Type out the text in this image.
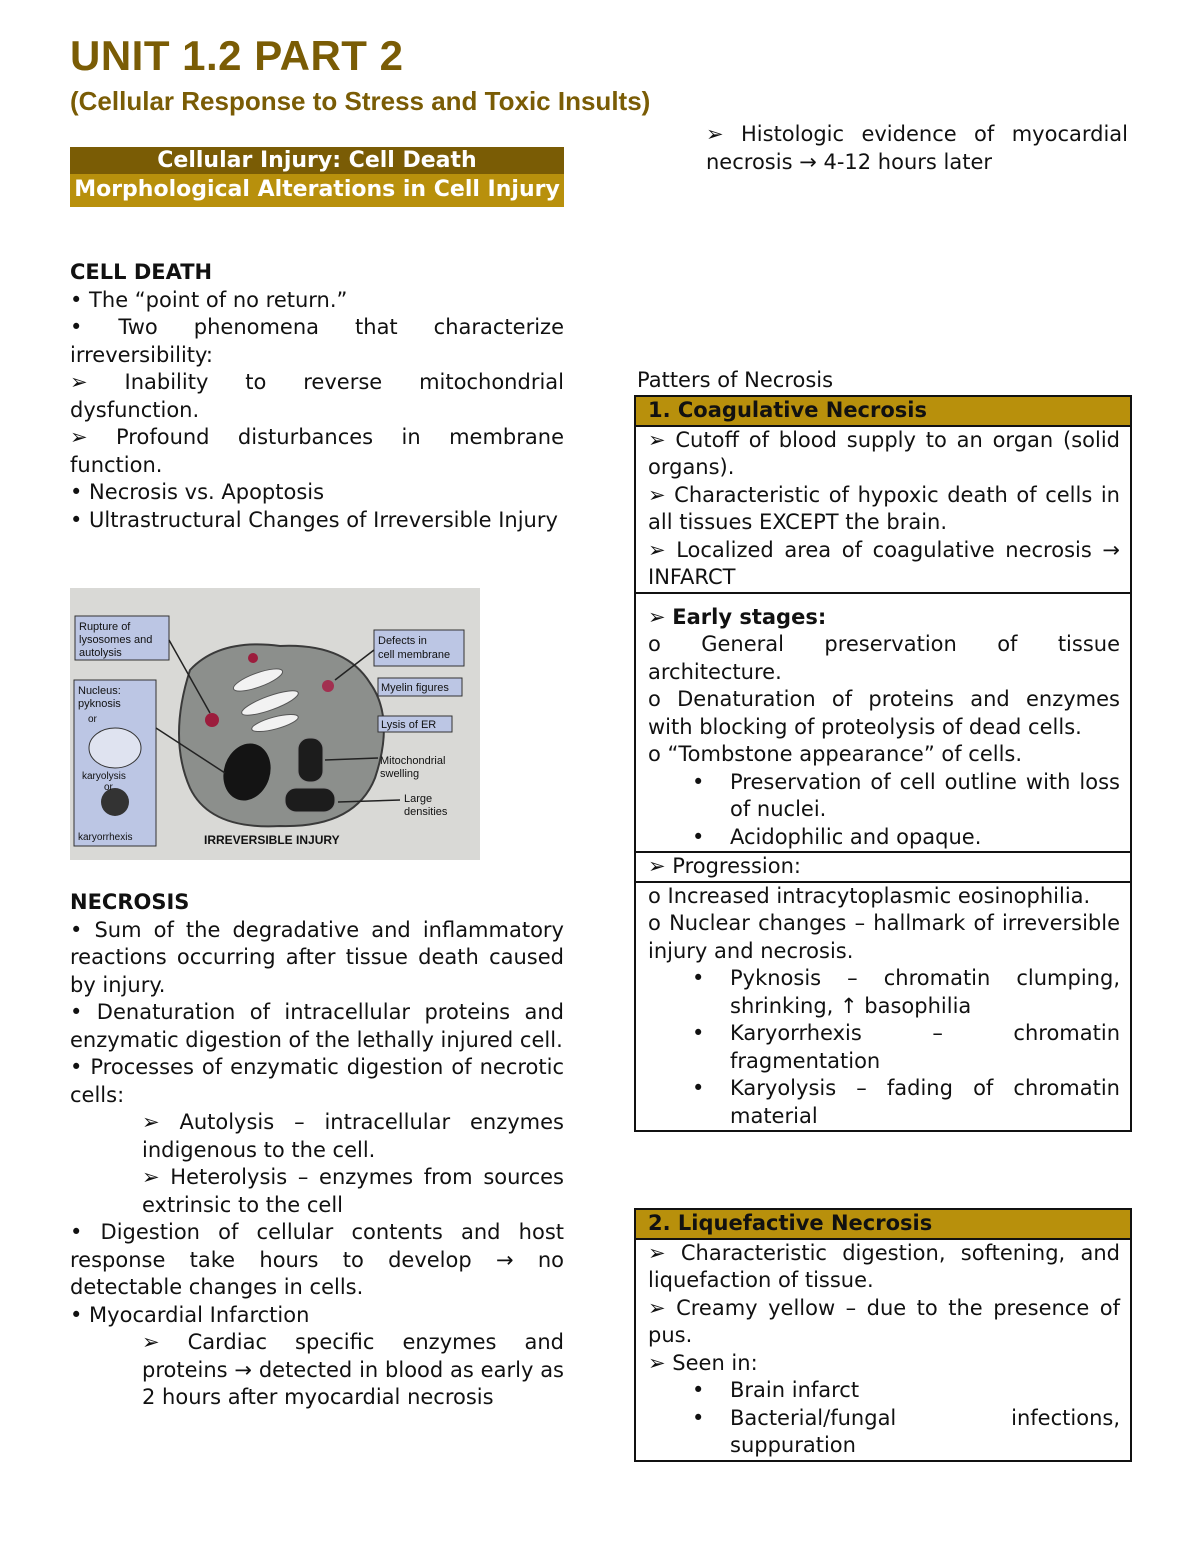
UNIT 1.2 PART 2
(Cellular Response to Stress and Toxic Insults)
Cellular Injury: Cell Death
Morphological Alterations in Cell Injury

CELL DEATH

• The “point of no return.”

• Two phenomena that characterize irreversibility:

➢ Inability to reverse mitochondrial dysfunction.

➢ Profound disturbances in membrane function.

• Necrosis vs. Apoptosis

• Ultrastructural Changes of Irreversible Injury

Rupture of
lysosomes and
autolysis
Defects in
cell membrane
Myelin figures
Lysis of ER
Nucleus:
pyknosis
or
karyolysis
or
karyorrhexis
Mitochondrial
swelling
Large
densities
IRREVERSIBLE INJURY

NECROSIS

• Sum of the degradative and inflammatory reactions occurring after tissue death caused by injury.

• Denaturation of intracellular proteins and enzymatic digestion of the lethally injured cell.

• Processes of enzymatic digestion of necrotic cells:

➢ Autolysis – intracellular enzymes indigenous to the cell.

➢ Heterolysis – enzymes from sources extrinsic to the cell

• Digestion of cellular contents and host response take hours to develop → no detectable changes in cells.

• Myocardial Infarction

➢ Cardiac specific enzymes and proteins → detected in blood as early as 2 hours after myocardial necrosis

➢ Histologic evidence of myocardial necrosis → 4-12 hours later

Patters of Necrosis
1. Coagulative Necrosis

➢ Cutoff of blood supply to an organ (solid organs).

➢ Characteristic of hypoxic death of cells in all tissues EXCEPT the brain.

➢ Localized area of coagulative necrosis → INFARCT

➢ Early stages:

o General preservation of tissue architecture.

o Denaturation of proteins and enzymes with blocking of proteolysis of dead cells.

o “Tombstone appearance” of cells.

• Preservation of cell outline with loss of nuclei.

• Acidophilic and opaque.

➢ Progression:

o Increased intracytoplasmic eosinophilia.

o Nuclear changes – hallmark of irreversible injury and necrosis.

• Pyknosis – chromatin clumping, shrinking, ↑ basophilia

• Karyorrhexis – chromatin fragmentation

• Karyolysis – fading of chromatin material

2. Liquefactive Necrosis

➢ Characteristic digestion, softening, and liquefaction of tissue.

➢ Creamy yellow – due to the presence of pus.

➢ Seen in:

• Brain infarct

• Bacterial/fungal infections, suppuration
